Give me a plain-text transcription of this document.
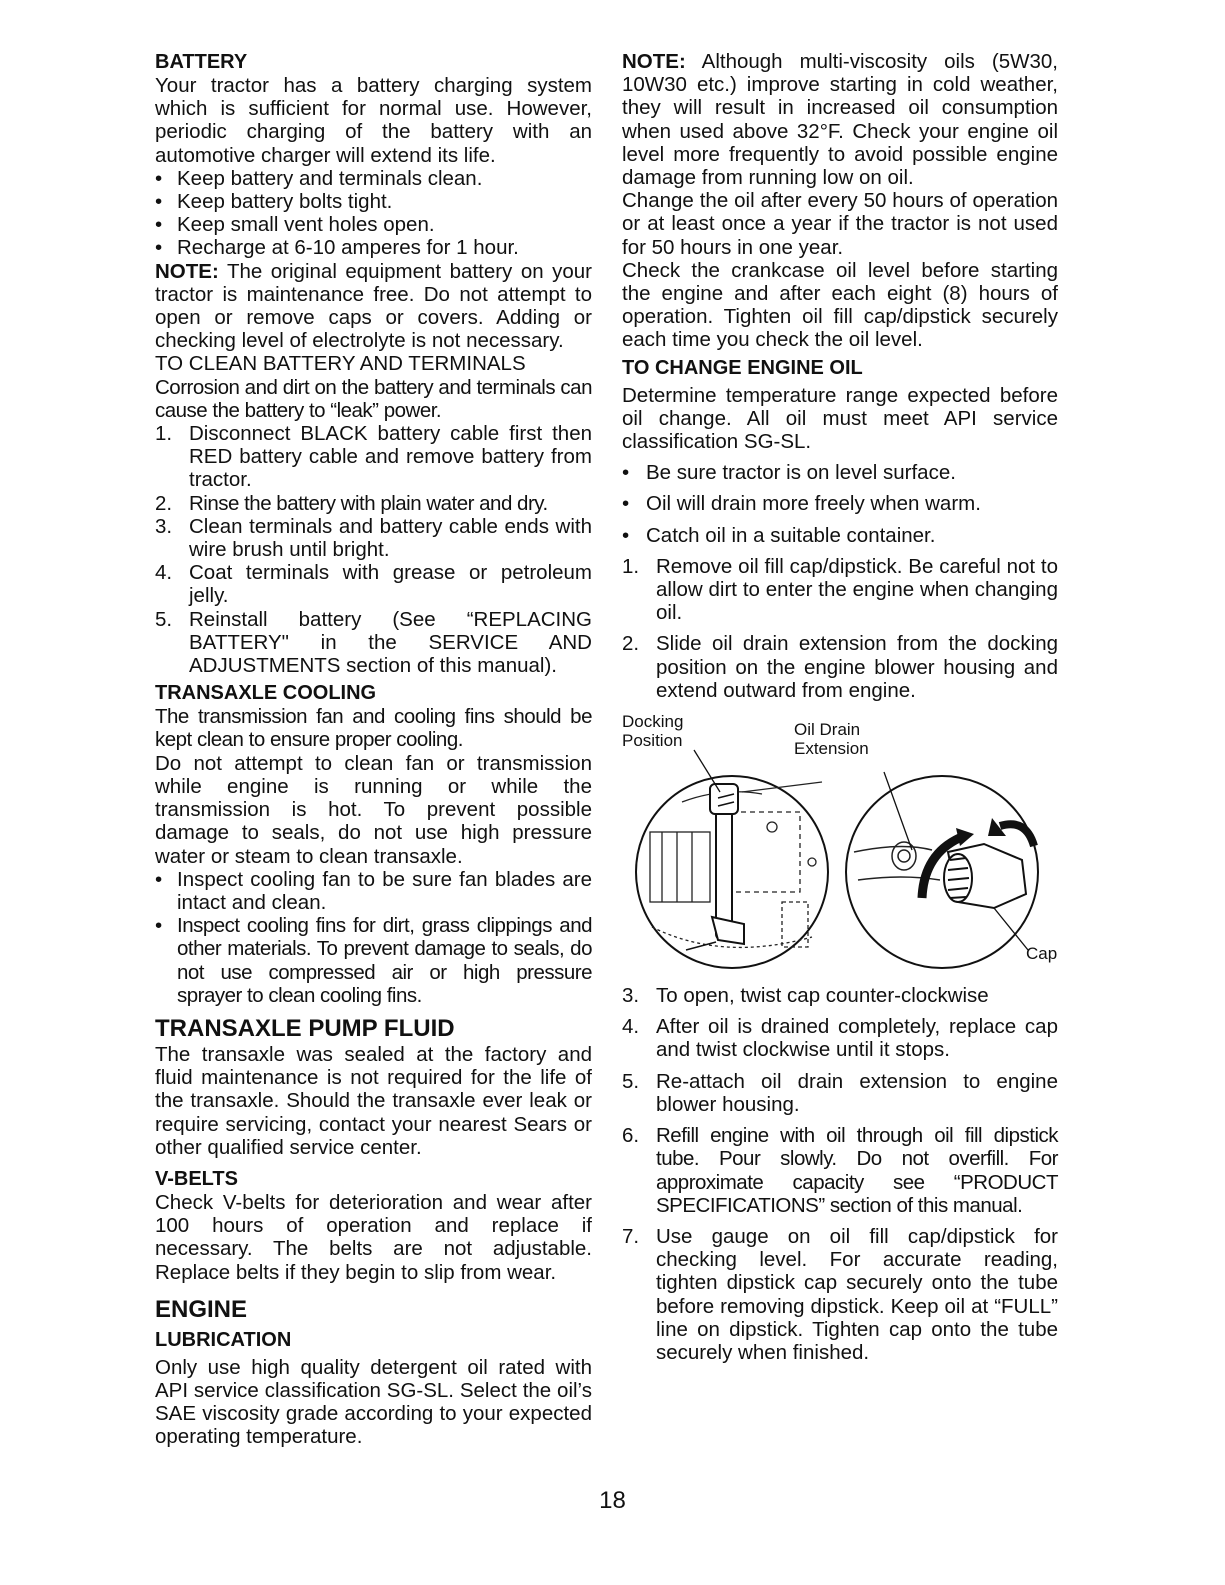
BATTERY
Your tractor has a battery charging system which is sufficient for normal use. However, periodic charging of the battery with an automotive charger will extend its life.
• Keep battery and terminals clean.
• Keep battery bolts tight.
• Keep small vent holes open.
• Recharge at 6-10 amperes for 1 hour.
NOTE: The original equipment battery on your tractor is maintenance free. Do not attempt to open or remove caps or covers. Adding or checking level of electrolyte is not necessary.
TO CLEAN BATTERY AND TERMINALS
Corrosion and dirt on the battery and terminals can cause the battery to “leak” power.
1. Disconnect BLACK battery cable first then RED battery cable and remove battery from tractor.
2. Rinse the battery with plain water and dry.
3. Clean terminals and battery cable ends with wire brush until bright.
4. Coat terminals with grease or petroleum jelly.
5. Reinstall battery (See “REPLACING BATTERY" in the SERVICE AND ADJUSTMENTS section of this manual).
TRANSAXLE COOLING
The transmission fan and cooling fins should be kept clean to ensure proper cooling.
Do not attempt to clean fan or transmission while engine is running or while the transmission is hot. To prevent possible damage to seals, do not use high pressure water or steam to clean transaxle.
• Inspect cooling fan to be sure fan blades are intact and clean.
• Inspect cooling fins for dirt, grass clippings and other materials. To prevent damage to seals, do not use compressed air or high pressure sprayer to clean cooling fins.
TRANSAXLE PUMP FLUID
The transaxle was sealed at the factory and fluid maintenance is not required for the life of the transaxle. Should the transaxle ever leak or require servicing, contact your nearest Sears or other qualified service center.
V-BELTS
Check V-belts for deterioration and wear after 100 hours of operation and replace if necessary. The belts are not adjustable. Replace belts if they begin to slip from wear.
ENGINE
LUBRICATION
Only use high quality detergent oil rated with API service classification SG-SL. Select the oil’s SAE viscosity grade according to your expected operating temperature.
NOTE: Although multi-viscosity oils (5W30, 10W30 etc.) improve starting in cold weather, they will result in increased oil consumption when used above 32°F. Check your engine oil level more frequently to avoid possible engine damage from running low on oil.
Change the oil after every 50 hours of operation or at least once a year if the tractor is not used for 50 hours in one year.
Check the crankcase oil level before starting the engine and after each eight (8) hours of operation. Tighten oil fill cap/dipstick securely each time you check the oil level.
TO CHANGE ENGINE OIL
Determine temperature range expected before oil change. All oil must meet API service classification SG-SL.
• Be sure tractor is on level surface.
• Oil will drain more freely when warm.
• Catch oil in a suitable container.
1. Remove oil fill cap/dipstick. Be careful not to allow dirt to enter the engine when changing oil.
2. Slide oil drain extension from the docking position on the engine blower housing and extend outward from engine.
Docking
Position
Oil Drain
Extension
Cap
3. To open, twist cap counter-clockwise
4. After oil is drained completely, replace cap and twist clockwise until it stops.
5. Re-attach oil drain extension to engine blower housing.
6. Refill engine with oil through oil fill dipstick tube. Pour slowly. Do not overfill. For approximate capacity see “PRODUCT SPECIFICATIONS” section of this manual.
7. Use gauge on oil fill cap/dipstick for checking level. For accurate reading, tighten dipstick cap securely onto the tube before removing dipstick. Keep oil at “FULL” line on dipstick. Tighten cap onto the tube securely when finished.
18
